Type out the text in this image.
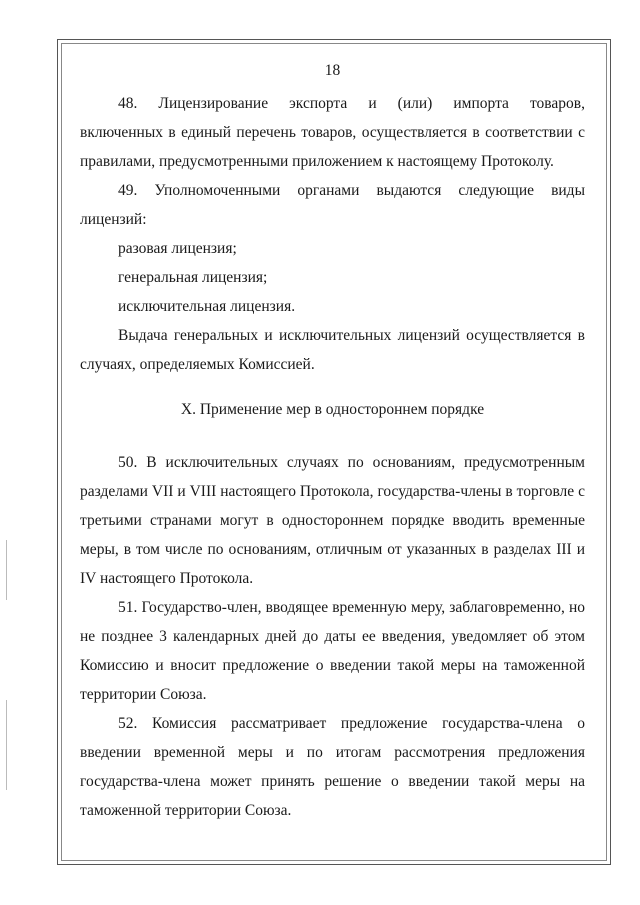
18

48. Лицензирование экспорта и (или) импорта товаров,

включенных в единый перечень товаров, осуществляется в соответствии с правилами, предусмотренными приложением к настоящему Протоколу.

49. Уполномоченными органами выдаются следующие виды

лицензий:

разовая лицензия;

генеральная лицензия;

исключительная лицензия.

Выдача генеральных и исключительных лицензий осуществляется в случаях, определяемых Комиссией.

X. Применение мер в одностороннем порядке

50. В исключительных случаях по основаниям, предусмотренным разделами VII и VIII настоящего Протокола, государства-члены в торговле с третьими странами могут в одностороннем порядке вводить временные меры, в том числе по основаниям, отличным от указанных в разделах III и IV настоящего Протокола.

51. Государство-член, вводящее временную меру, заблаговременно, но не позднее 3 календарных дней до даты ее введения, уведомляет об этом Комиссию и вносит предложение о введении такой меры на таможенной территории Союза.

52. Комиссия рассматривает предложение государства-члена о введении временной меры и по итогам рассмотрения предложения государства-члена может принять решение о введении такой меры на таможенной территории Союза.
